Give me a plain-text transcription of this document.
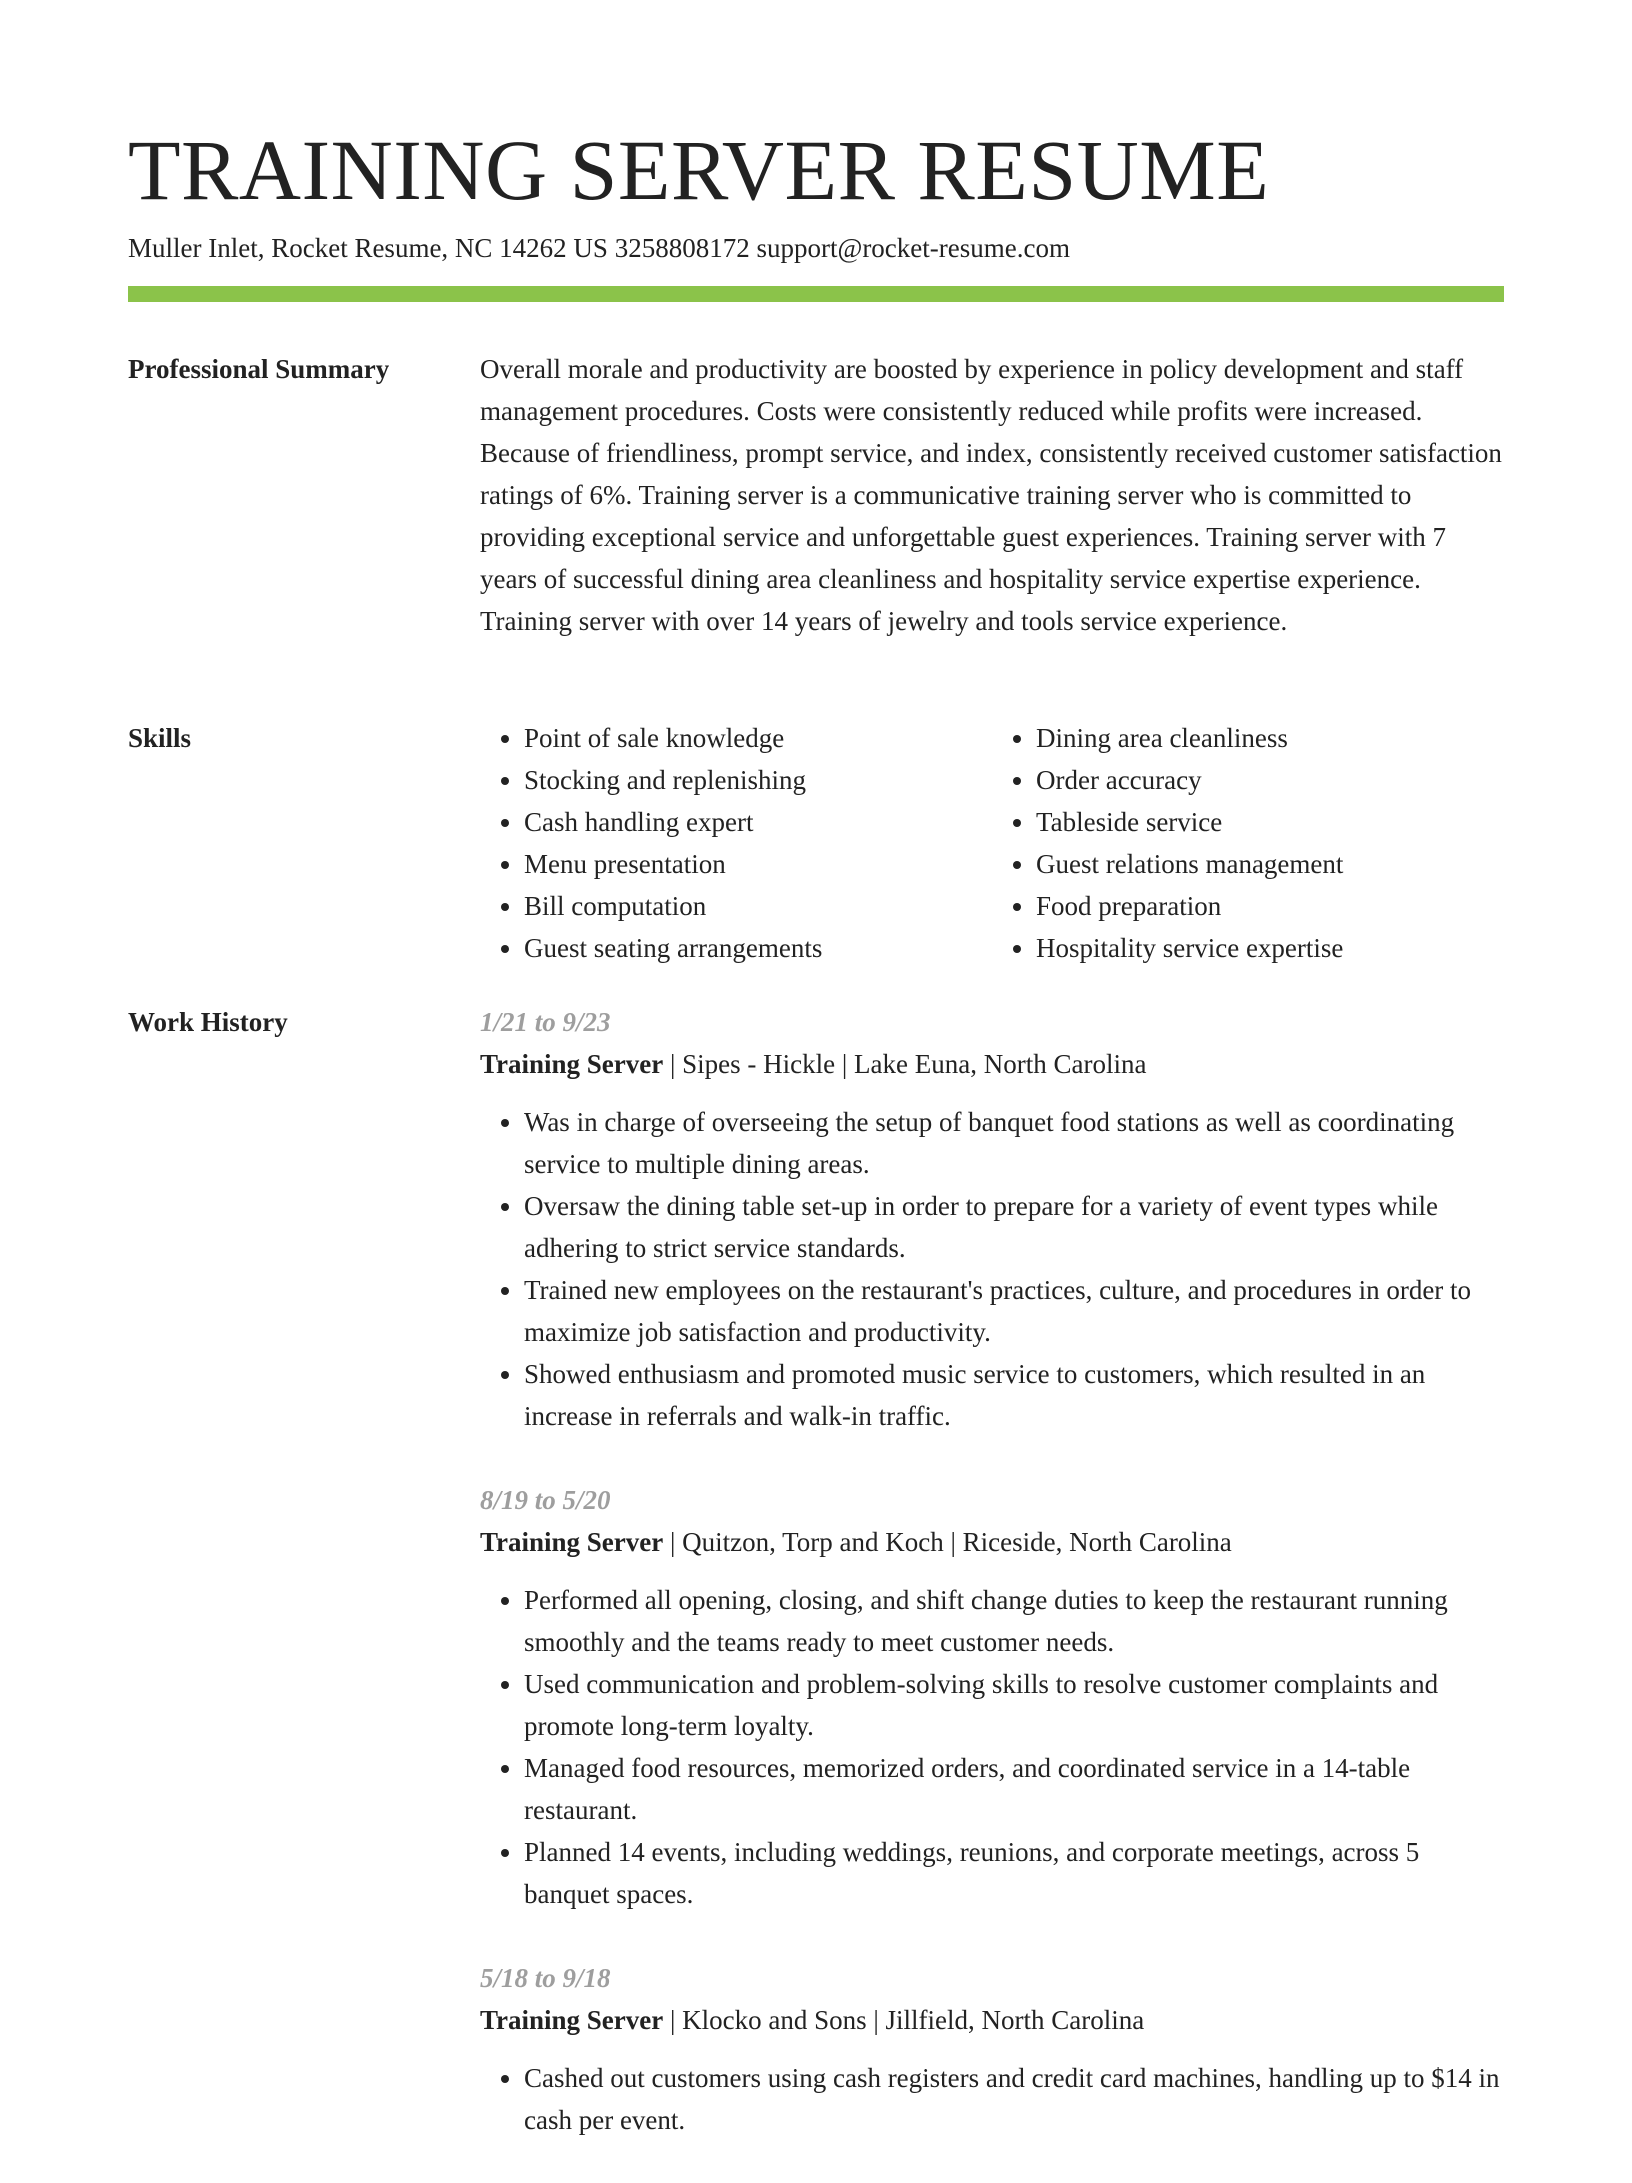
TRAINING SERVER RESUME
Muller Inlet, Rocket Resume, NC 14262 US 3258808172 support@rocket-resume.com
Professional Summary	Overall morale and productivity are boosted by experience in policy development and staff management procedures. Costs were consistently reduced while profits were increased. Because of friendliness, prompt service, and index, consistently received customer satisfaction ratings of 6%. Training server is a communicative training server who is committed to providing exceptional service and unforgettable guest experiences. Training server with 7 years of successful dining area cleanliness and hospitality service expertise experience. Training server with over 14 years of jewelry and tools service experience.

Skills
•	Point of sale knowledge
• Stocking and replenishing
• Cash handling expert
• Menu presentation
• Bill computation
• Guest seating arrangements
• Dining area cleanliness
• Order accuracy
• Tableside service
• Guest relations management
• Food preparation
• Hospitality service expertise
Work History	1/21 to 9/23
Training Server | Sipes - Hickle | Lake Euna, North Carolina
• Was in charge of overseeing the setup of banquet food stations as well as coordinating service to multiple dining areas.
• Oversaw the dining table set-up in order to prepare for a variety of event types while adhering to strict service standards.
• Trained new employees on the restaurant's practices, culture, and procedures in order to maximize job satisfaction and productivity.
• Showed enthusiasm and promoted music service to customers, which resulted in an increase in referrals and walk-in traffic.
8/19 to 5/20
Training Server | Quitzon, Torp and Koch | Riceside, North Carolina
• Performed all opening, closing, and shift change duties to keep the restaurant running smoothly and the teams ready to meet customer needs.
• Used communication and problem-solving skills to resolve customer complaints and promote long-term loyalty.
• Managed food resources, memorized orders, and coordinated service in a 14-table restaurant.
• Planned 14 events, including weddings, reunions, and corporate meetings, across 5 banquet spaces.
5/18 to 9/18
Training Server | Klocko and Sons | Jillfield, North Carolina
• Cashed out customers using cash registers and credit card machines, handling up to $14 in cash per event.
